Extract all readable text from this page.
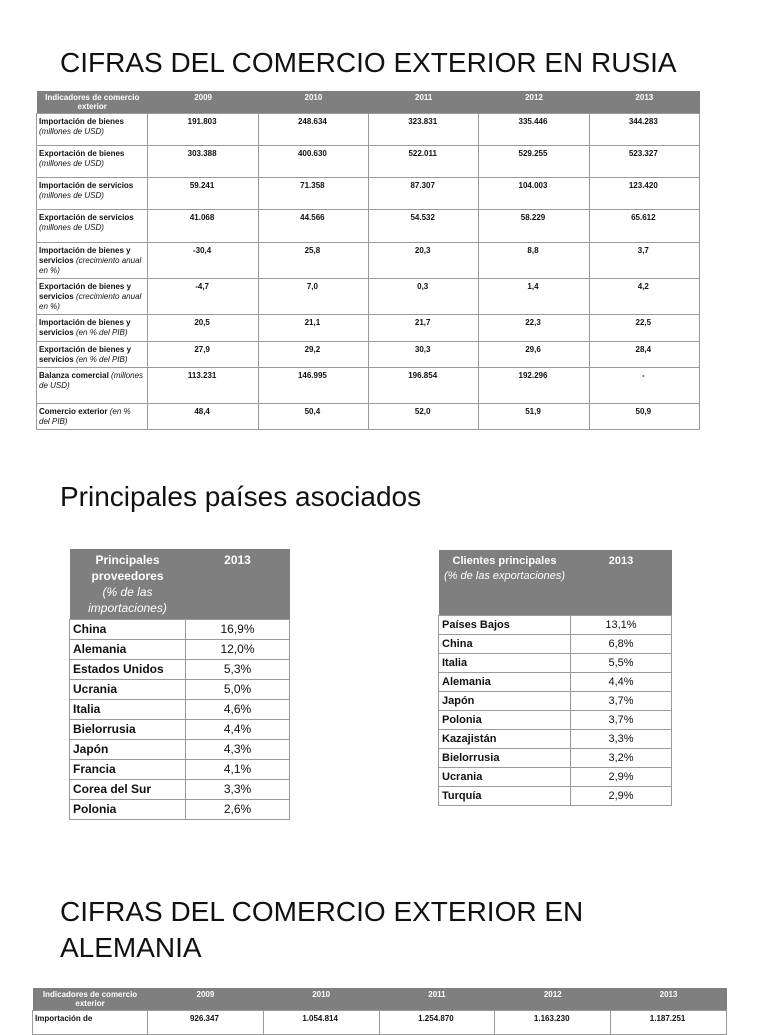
CIFRAS DEL COMERCIO EXTERIOR EN RUSIA
Indicadores de comercio exterior	2009	2010	2011	2012	2013
Importación de bienes (millones de USD)	191.803	248.634	323.831	335.446	344.283
Exportación de bienes (millones de USD)	303.388	400.630	522.011	529.255	523.327
Importación de servicios (millones de USD)	59.241	71.358	87.307	104.003	123.420
Exportación de servicios (millones de USD)	41.068	44.566	54.532	58.229	65.612
Importación de bienes y servicios (crecimiento anual en %)	-30,4	25,8	20,3	8,8	3,7
Exportación de bienes y servicios (crecimiento anual en %)	-4,7	7,0	0,3	1,4	4,2
Importación de bienes y servicios (en % del PIB)	20,5	21,1	21,7	22,3	22,5
Exportación de bienes y servicios (en % del PIB)	27,9	29,2	30,3	29,6	28,4
Balanza comercial (millones de USD)	113.231	146.995	196.854	192.296	-
Comercio exterior (en % del PIB)	48,4	50,4	52,0	51,9	50,9
Principales países asociados
Principales proveedores
(% de las importaciones)	2013
China	16,9%
Alemania	12,0%
Estados Unidos	5,3%
Ucrania	5,0%
Italia	4,6%
Bielorrusia	4,4%
Japón	4,3%
Francia	4,1%
Corea del Sur	3,3%
Polonia	2,6%
Clientes principales
(% de las exportaciones)	2013
Países Bajos	13,1%
China	6,8%
Italia	5,5%
Alemania	4,4%
Japón	3,7%
Polonia	3,7%
Kazajistán	3,3%
Bielorrusia	3,2%
Ucrania	2,9%
Turquía	2,9%
CIFRAS DEL COMERCIO EXTERIOR EN
ALEMANIA
Indicadores de comercio exterior	2009	2010	2011	2012	2013
Importación de	926.347	1.054.814	1.254.870	1.163.230	1.187.251
